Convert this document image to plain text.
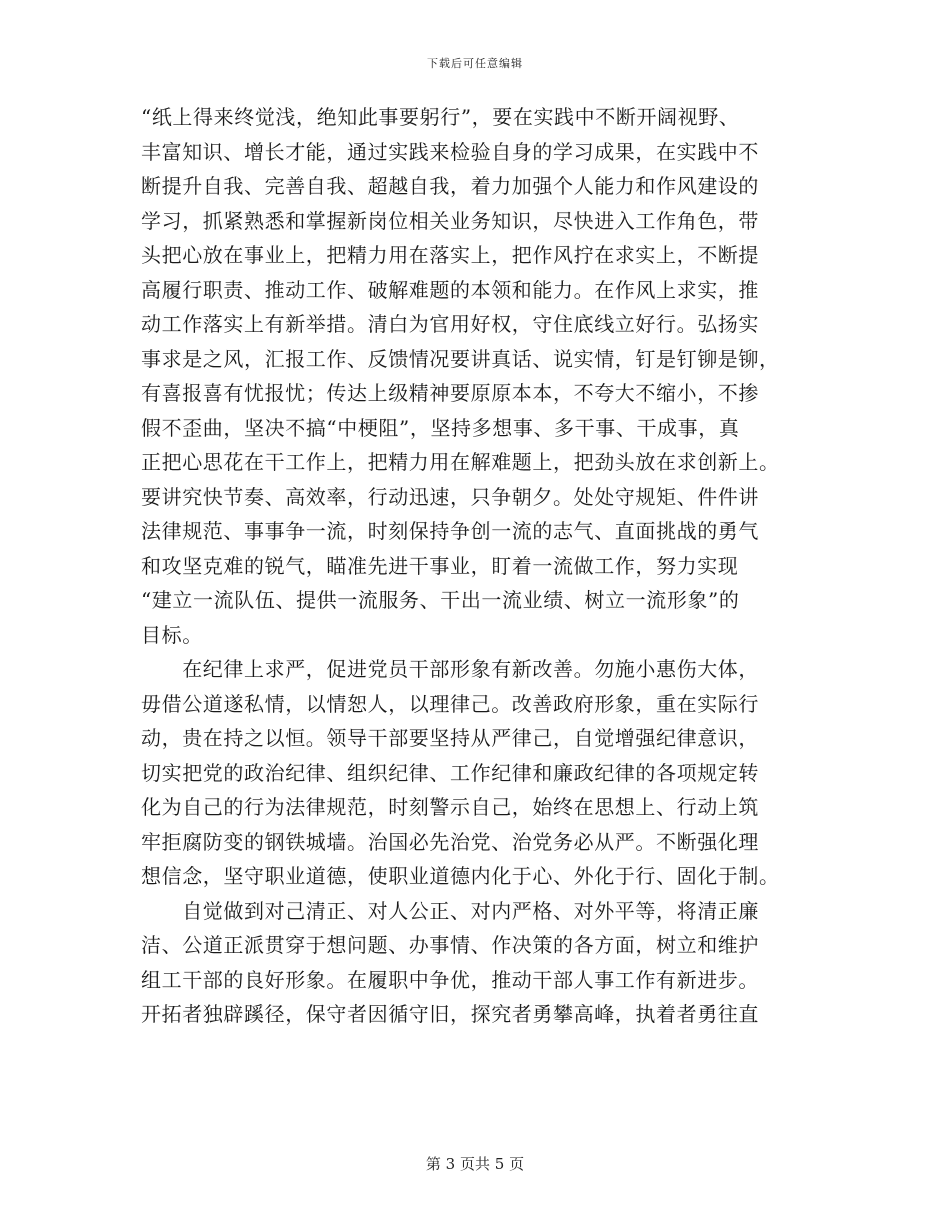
下载后可任意编辑
“纸上得来终觉浅，绝知此事要躬行”，要在实践中不断开阔视野、
丰富知识、增长才能，通过实践来检验自身的学习成果，在实践中不
断提升自我、完善自我、超越自我，着力加强个人能力和作风建设的
学习，抓紧熟悉和掌握新岗位相关业务知识，尽快进入工作角色，带
头把心放在事业上，把精力用在落实上，把作风拧在求实上，不断提
高履行职责、推动工作、破解难题的本领和能力。在作风上求实，推
动工作落实上有新举措。清白为官用好权，守住底线立好行。弘扬实
事求是之风，汇报工作、反馈情况要讲真话、说实情，钉是钉铆是铆，
有喜报喜有忧报忧；传达上级精神要原原本本，不夸大不缩小，不掺
假不歪曲，坚决不搞“中梗阻”，坚持多想事、多干事、干成事，真
正把心思花在干工作上，把精力用在解难题上，把劲头放在求创新上。
要讲究快节奏、高效率，行动迅速，只争朝夕。处处守规矩、件件讲
法律规范、事事争一流，时刻保持争创一流的志气、直面挑战的勇气
和攻坚克难的锐气，瞄准先进干事业，盯着一流做工作，努力实现
“建立一流队伍、提供一流服务、干出一流业绩、树立一流形象”的
目标。
　　在纪律上求严，促进党员干部形象有新改善。勿施小惠伤大体，
毋借公道遂私情，以情恕人，以理律己。改善政府形象，重在实际行
动，贵在持之以恒。领导干部要坚持从严律己，自觉增强纪律意识，
切实把党的政治纪律、组织纪律、工作纪律和廉政纪律的各项规定转
化为自己的行为法律规范，时刻警示自己，始终在思想上、行动上筑
牢拒腐防变的钢铁城墙。治国必先治党、治党务必从严。不断强化理
想信念，坚守职业道德，使职业道德内化于心、外化于行、固化于制。
　　自觉做到对己清正、对人公正、对内严格、对外平等，将清正廉
洁、公道正派贯穿于想问题、办事情、作决策的各方面，树立和维护
组工干部的良好形象。在履职中争优，推动干部人事工作有新进步。
开拓者独辟蹊径，保守者因循守旧，探究者勇攀高峰，执着者勇往直
第 3 页共 5 页
